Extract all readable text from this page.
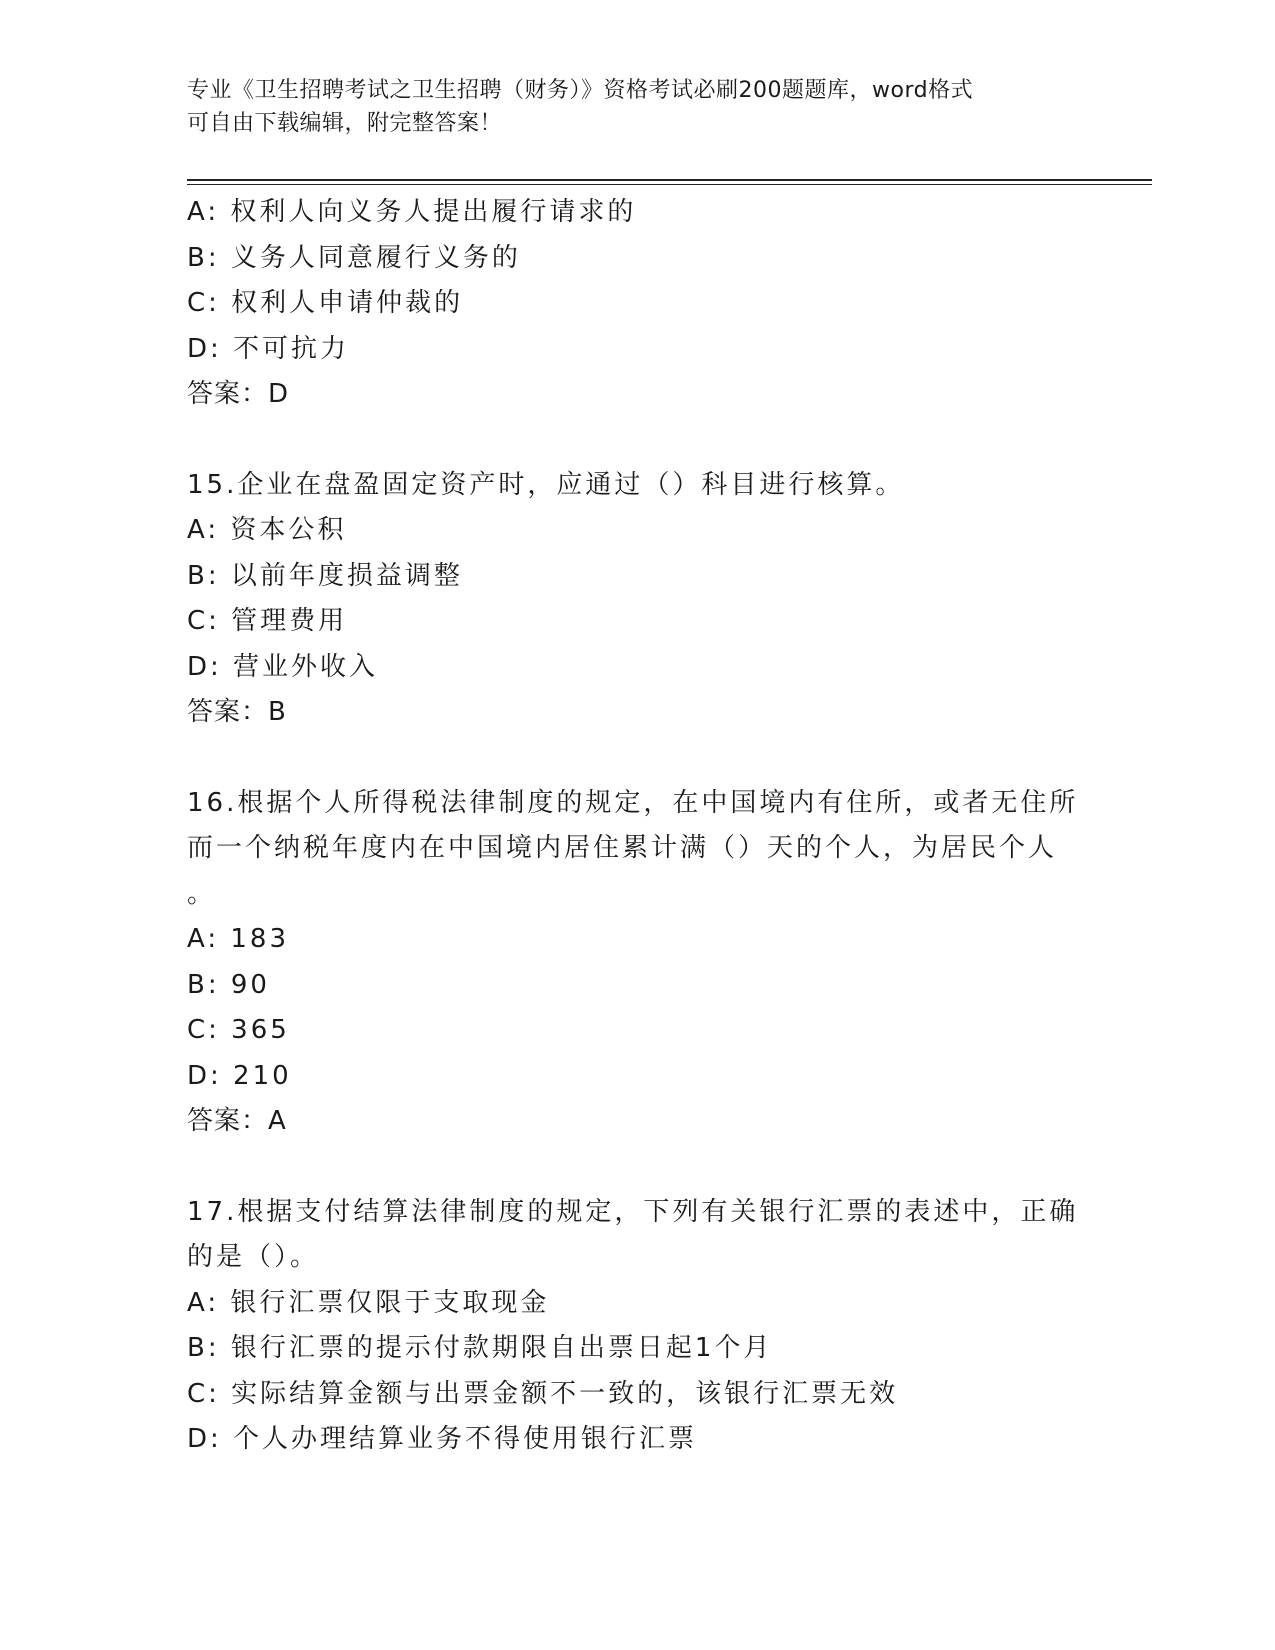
专业《卫生招聘考试之卫生招聘（财务）》资格考试必刷200题题库，word格式
可自由下载编辑，附完整答案！
A: 权利人向义务人提出履行请求的
B: 义务人同意履行义务的
C: 权利人申请仲裁的
D: 不可抗力
答案：D
15.企业在盘盈固定资产时，应通过（）科目进行核算。
A: 资本公积
B: 以前年度损益调整
C: 管理费用
D: 营业外收入
答案：B
16.根据个人所得税法律制度的规定，在中国境内有住所，或者无住所
而一个纳税年度内在中国境内居住累计满（）天的个人，为居民个人
。
A: 183
B: 90
C: 365
D: 210
答案：A
17.根据支付结算法律制度的规定，下列有关银行汇票的表述中，正确
的是（）。
A: 银行汇票仅限于支取现金
B: 银行汇票的提示付款期限自出票日起1个月
C: 实际结算金额与出票金额不一致的，该银行汇票无效
D: 个人办理结算业务不得使用银行汇票
